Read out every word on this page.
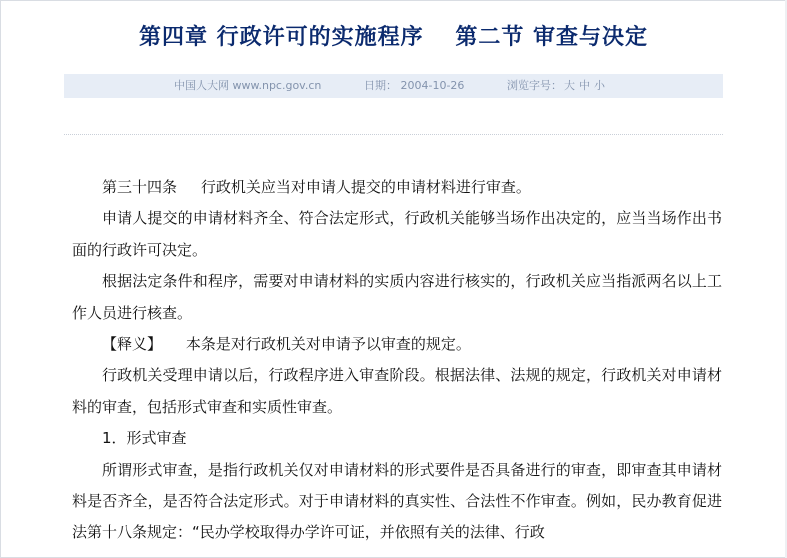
第四章 行政许可的实施程序　 第二节 审查与决定
中国人大网 www.npc.gov.cn	日期： 2004-10-26	浏览字号： 大 中 小

第三十四条 行政机关应当对申请人提交的申请材料进行审查。

申请人提交的申请材料齐全、符合法定形式，行政机关能够当场作出决定的，应当当场作出书面的行政许可决定。

根据法定条件和程序，需要对申请材料的实质内容进行核实的，行政机关应当指派两名以上工作人员进行核查。

【释义】 本条是对行政机关对申请予以审查的规定。

行政机关受理申请以后，行政程序进入审查阶段。根据法律、法规的规定，行政机关对申请材料的审查，包括形式审查和实质性审查。

1．形式审查

所谓形式审查，是指行政机关仅对申请材料的形式要件是否具备进行的审查，即审查其申请材料是否齐全，是否符合法定形式。对于申请材料的真实性、合法性不作审查。例如，民办教育促进法第十八条规定：“民办学校取得办学许可证，并依照有关的法律、行政
